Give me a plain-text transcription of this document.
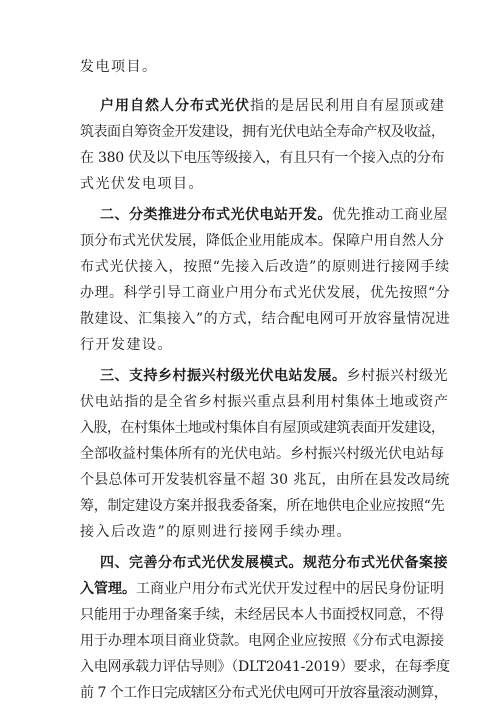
发电项目。
户用自然人分布式光伏指的是居民利用自有屋顶或建
筑表面自筹资金开发建设，拥有光伏电站全寿命产权及收益，
在 380 伏及以下电压等级接入，有且只有一个接入点的分布
式光伏发电项目。
二、分类推进分布式光伏电站开发。优先推动工商业屋
顶分布式光伏发展，降低企业用能成本。保障户用自然人分
布式光伏接入，按照“先接入后改造”的原则进行接网手续
办理。科学引导工商业户用分布式光伏发展，优先按照“分
散建设、汇集接入”的方式，结合配电网可开放容量情况进
行开发建设。
三、支持乡村振兴村级光伏电站发展。乡村振兴村级光
伏电站指的是全省乡村振兴重点县利用村集体土地或资产
入股，在村集体土地或村集体自有屋顶或建筑表面开发建设，
全部收益村集体所有的光伏电站。乡村振兴村级光伏电站每
个县总体可开发装机容量不超 30 兆瓦，由所在县发改局统
筹，制定建设方案并报我委备案，所在地供电企业应按照“先
接入后改造”的原则进行接网手续办理。
四、完善分布式光伏发展模式。规范分布式光伏备案接
入管理。工商业户用分布式光伏开发过程中的居民身份证明
只能用于办理备案手续，未经居民本人书面授权同意，不得
用于办理本项目商业贷款。电网企业应按照《分布式电源接
入电网承载力评估导则》（DLT2041-2019）要求，在每季度
前 7 个工作日完成辖区分布式光伏电网可开放容量滚动测算，
